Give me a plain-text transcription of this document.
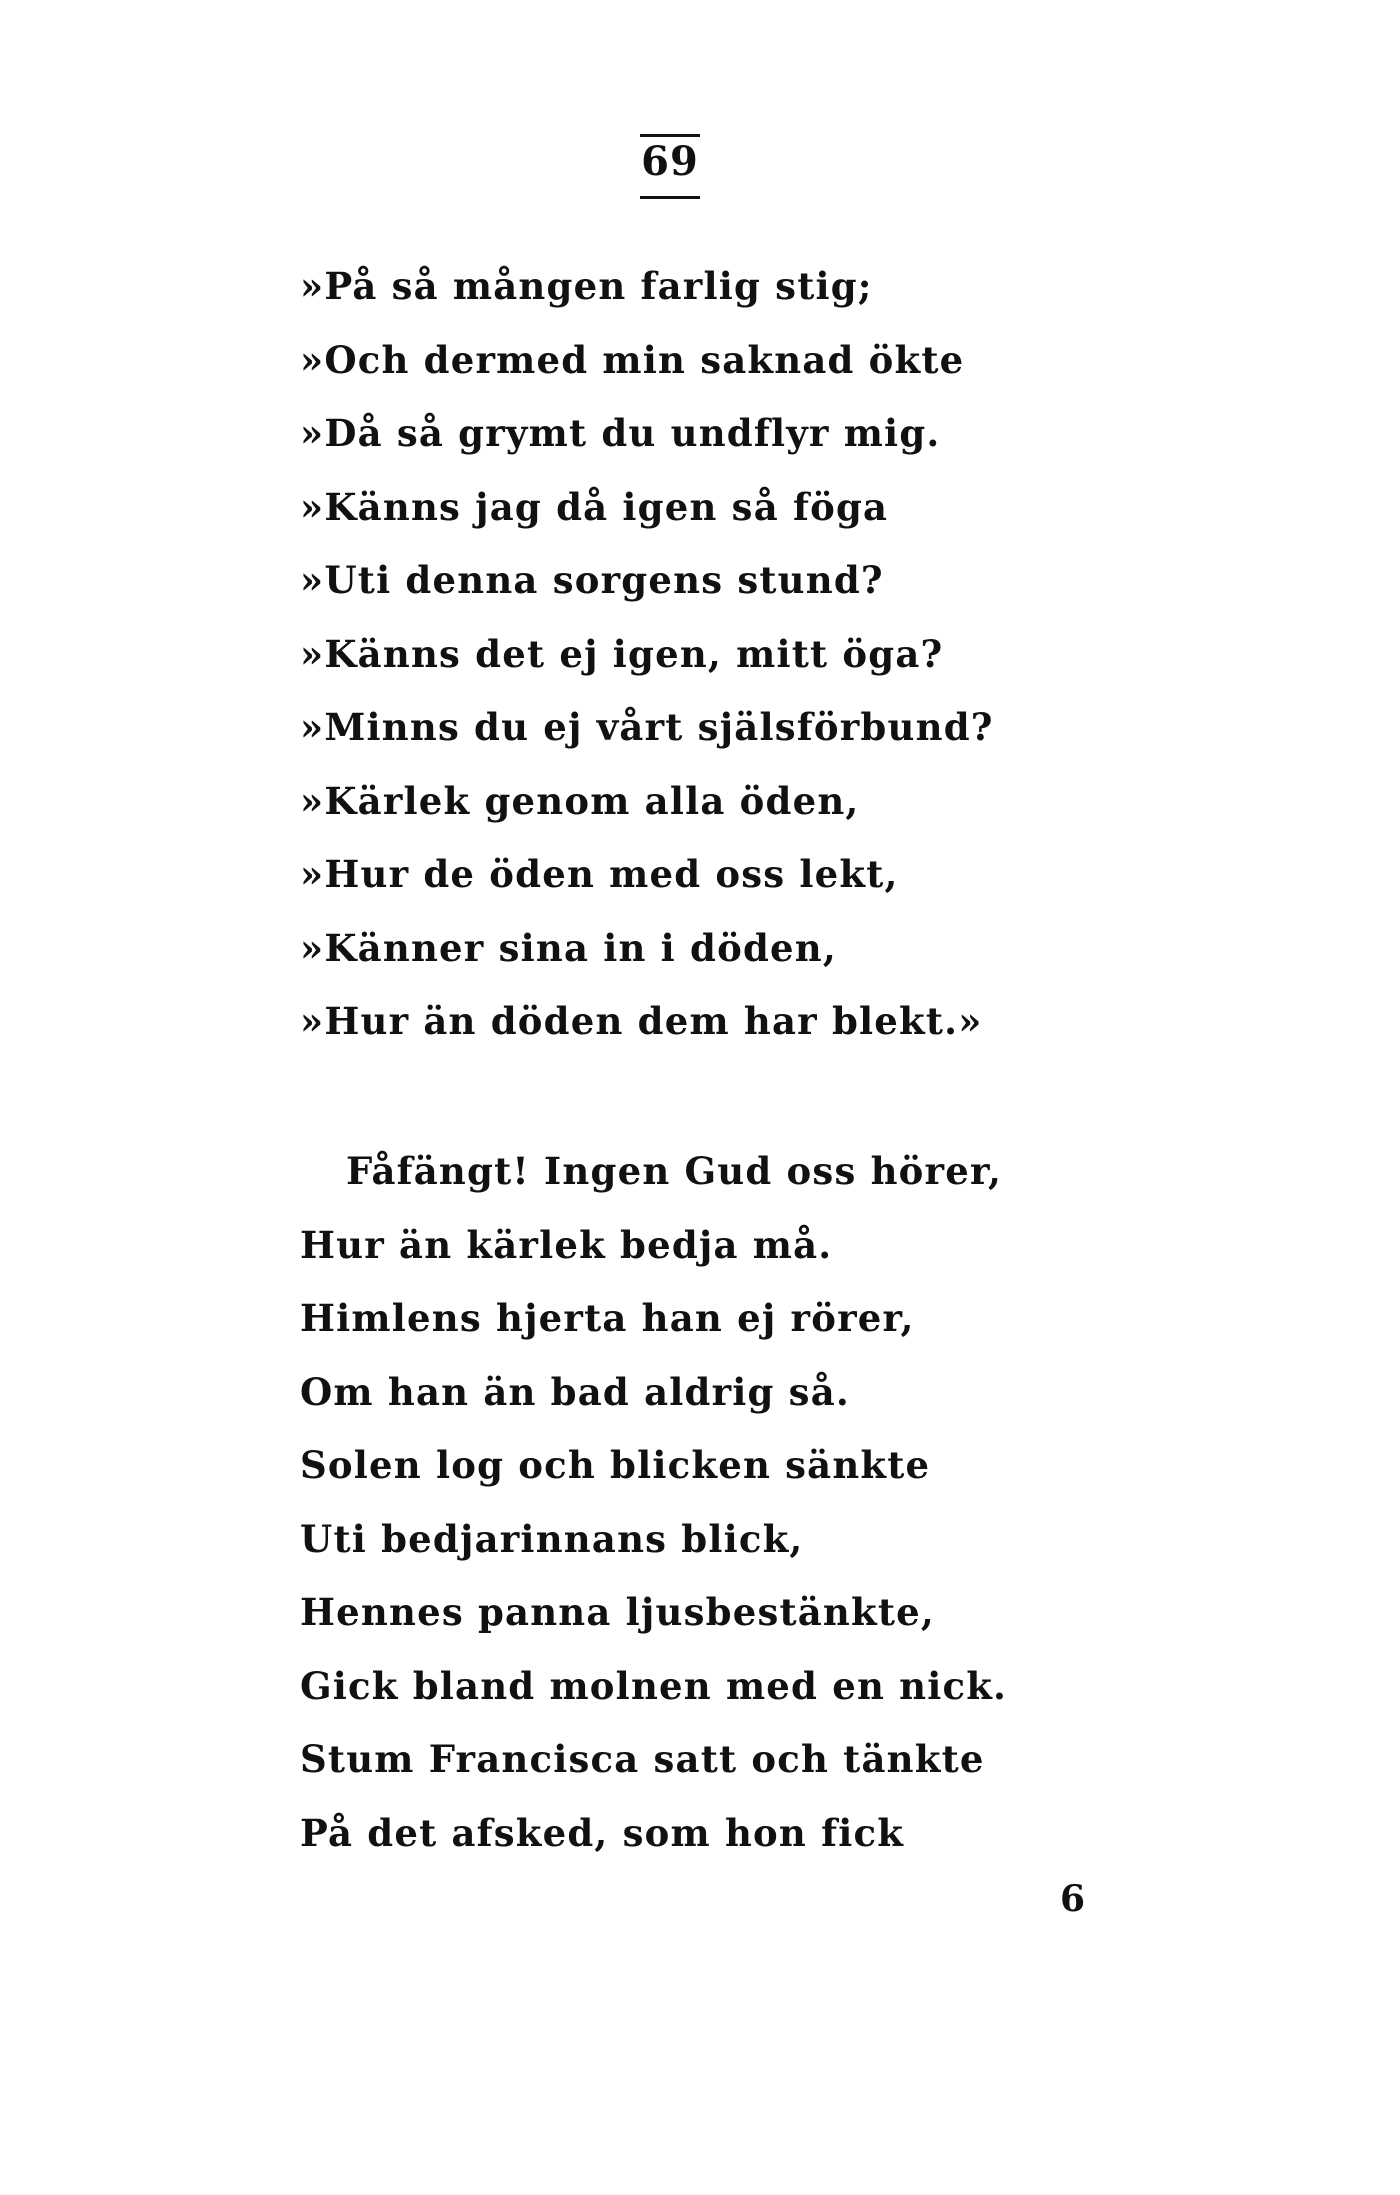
69
»På så mången farlig stig;
»Och dermed min saknad ökte
»Då så grymt du undflyr mig.
»Känns jag då igen så föga
»Uti denna sorgens stund?
»Känns det ej igen, mitt öga?
»Minns du ej vårt själsförbund?
»Kärlek genom alla öden,
»Hur de öden med oss lekt,
»Känner sina in i döden,
»Hur än döden dem har blekt.»
Fåfängt! Ingen Gud oss hörer,
Hur än kärlek bedja må.
Himlens hjerta han ej rörer,
Om han än bad aldrig så.
Solen log och blicken sänkte
Uti bedjarinnans blick,
Hennes panna ljusbestänkte,
Gick bland molnen med en nick.
Stum Francisca satt och tänkte
På det afsked, som hon fick
6
